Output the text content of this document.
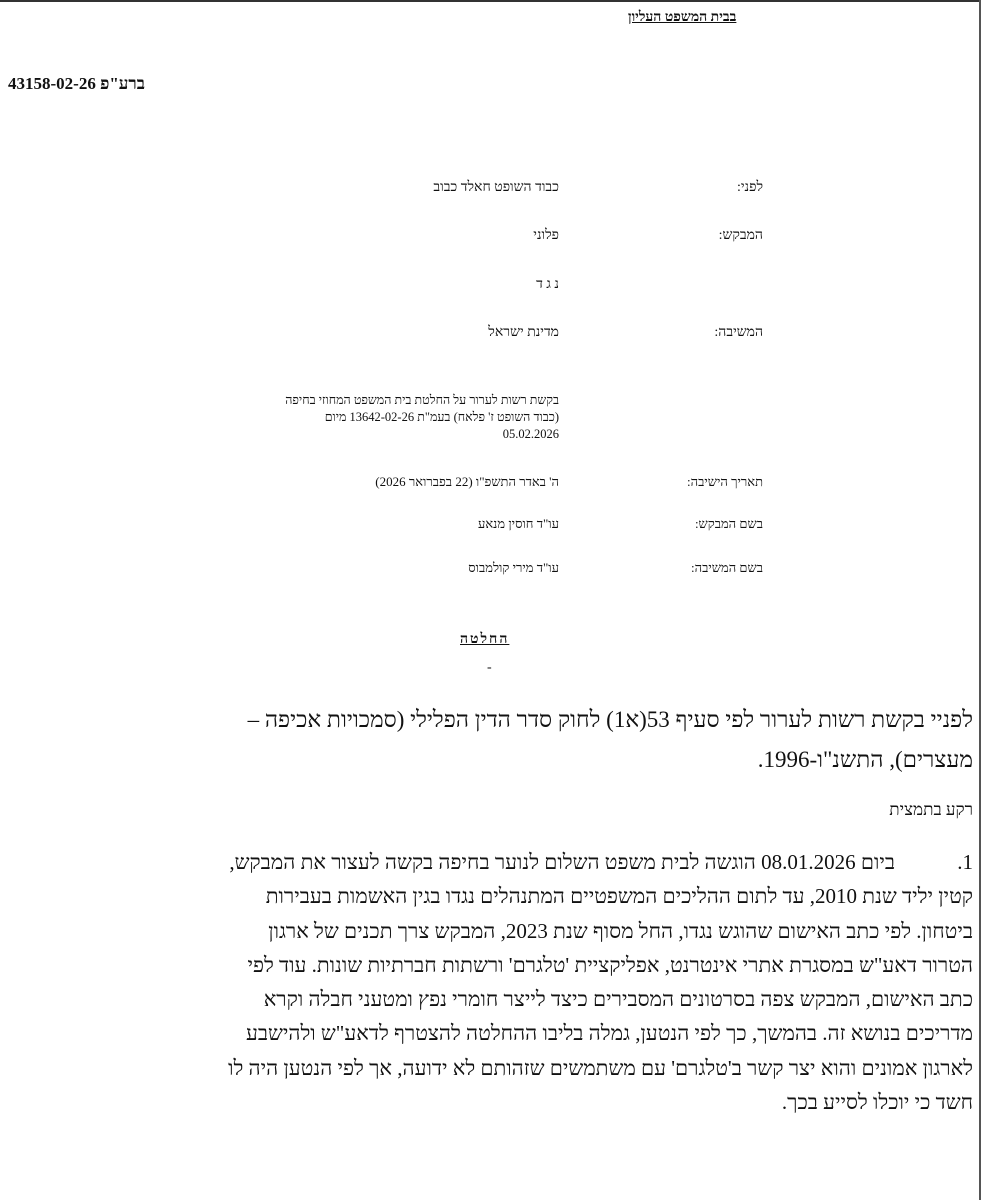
בבית המשפט העליון
ברע"פ 43158-02-26
לפני:
כבוד השופט חאלד כבוב
המבקש:
פלוני
נ ג ד
המשיבה:
מדינת ישראל
בקשת רשות לערור על החלטת בית המשפט המחוזי בחיפה
(כבוד השופט ז' פלאח) בעמ"ת 13642-02-26 מיום
05.02.2026
תאריך הישיבה:
ה' באדר התשפ"ו (22 בפברואר 2026)
בשם המבקש:
עו"ד חוסין מנאע
בשם המשיבה:
עו"ד מירי קולמבוס
החלטה
-
לפניי בקשת רשות לערור לפי סעיף 53(א1) לחוק סדר הדין הפלילי (סמכויות אכיפה –
מעצרים), התשנ"ו-1996.
רקע בתמצית
1.ביום 08.01.2026 הוגשה לבית משפט השלום לנוער בחיפה בקשה לעצור את המבקש,
קטין יליד שנת 2010, עד לתום ההליכים המשפטיים המתנהלים נגדו בגין האשמות בעבירות
ביטחון. לפי כתב האישום שהוגש נגדו, החל מסוף שנת 2023, המבקש צרך תכנים של ארגון
הטרור דאע"ש במסגרת אתרי אינטרנט, אפליקציית 'טלגרם' ורשתות חברתיות שונות. עוד לפי
כתב האישום, המבקש צפה בסרטונים המסבירים כיצד לייצר חומרי נפץ ומטעני חבלה וקרא
מדריכים בנושא זה. בהמשך, כך לפי הנטען, גמלה בליבו ההחלטה להצטרף לדאע"ש ולהישבע
לארגון אמונים והוא יצר קשר ב'טלגרם' עם משתמשים שזהותם לא ידועה, אך לפי הנטען היה לו
חשד כי יוכלו לסייע בכך.
